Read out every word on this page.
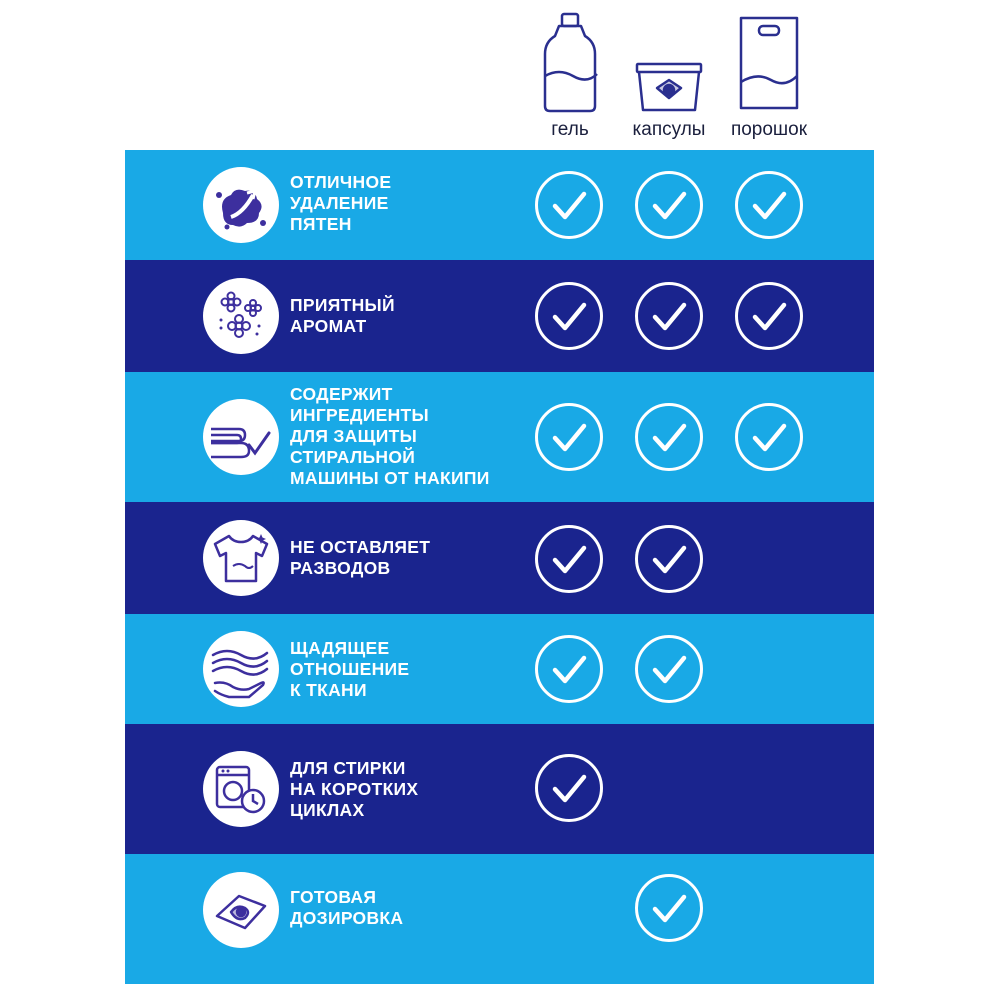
гель	капсулы	порошок
ОТЛИЧНОЕ
УДАЛЕНИЕ
ПЯТЕН
ПРИЯТНЫЙ
АРОМАТ
СОДЕРЖИТ
ИНГРЕДИЕНТЫ
ДЛЯ ЗАЩИТЫ
СТИРАЛЬНОЙ
МАШИНЫ ОТ НАКИПИ
НЕ ОСТАВЛЯЕТ
РАЗВОДОВ
ЩАДЯЩЕЕ
ОТНОШЕНИЕ
К ТКАНИ
ДЛЯ СТИРКИ
НА КОРОТКИХ
ЦИКЛАХ
ГОТОВАЯ
ДОЗИРОВКА
